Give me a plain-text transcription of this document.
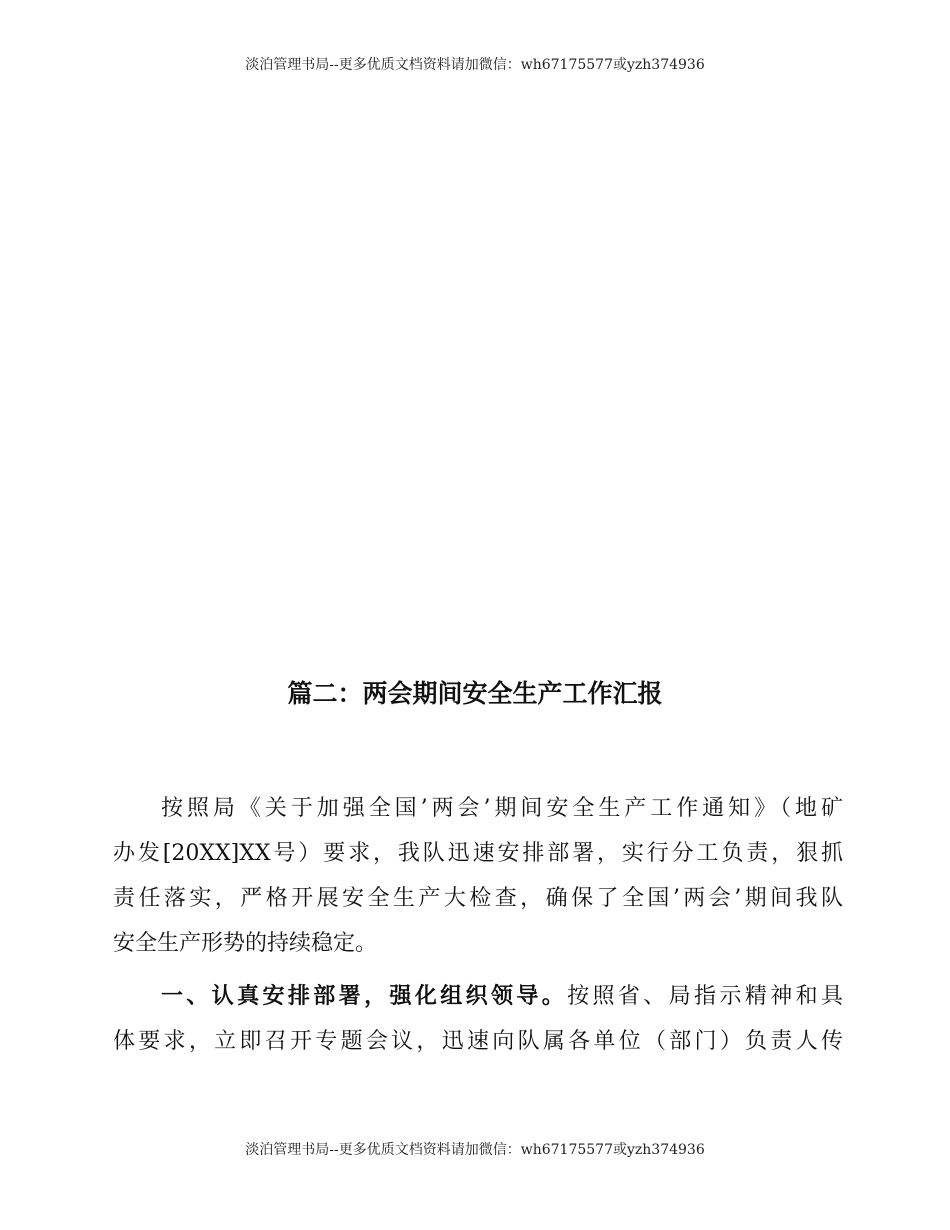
淡泊管理书局--更多优质文档资料请加微信：wh67175577或yzh374936
篇二：两会期间安全生产工作汇报
按照局《关于加强全国’两会’期间安全生产工作通知》（地矿
办发[20XX]XX号）要求，我队迅速安排部署，实行分工负责，狠抓
责任落实，严格开展安全生产大检查，确保了全国’两会’期间我队
安全生产形势的持续稳定。
一、认真安排部署，强化组织领导。按照省、局指示精神和具
体要求，立即召开专题会议，迅速向队属各单位（部门）负责人传
淡泊管理书局--更多优质文档资料请加微信：wh67175577或yzh374936
